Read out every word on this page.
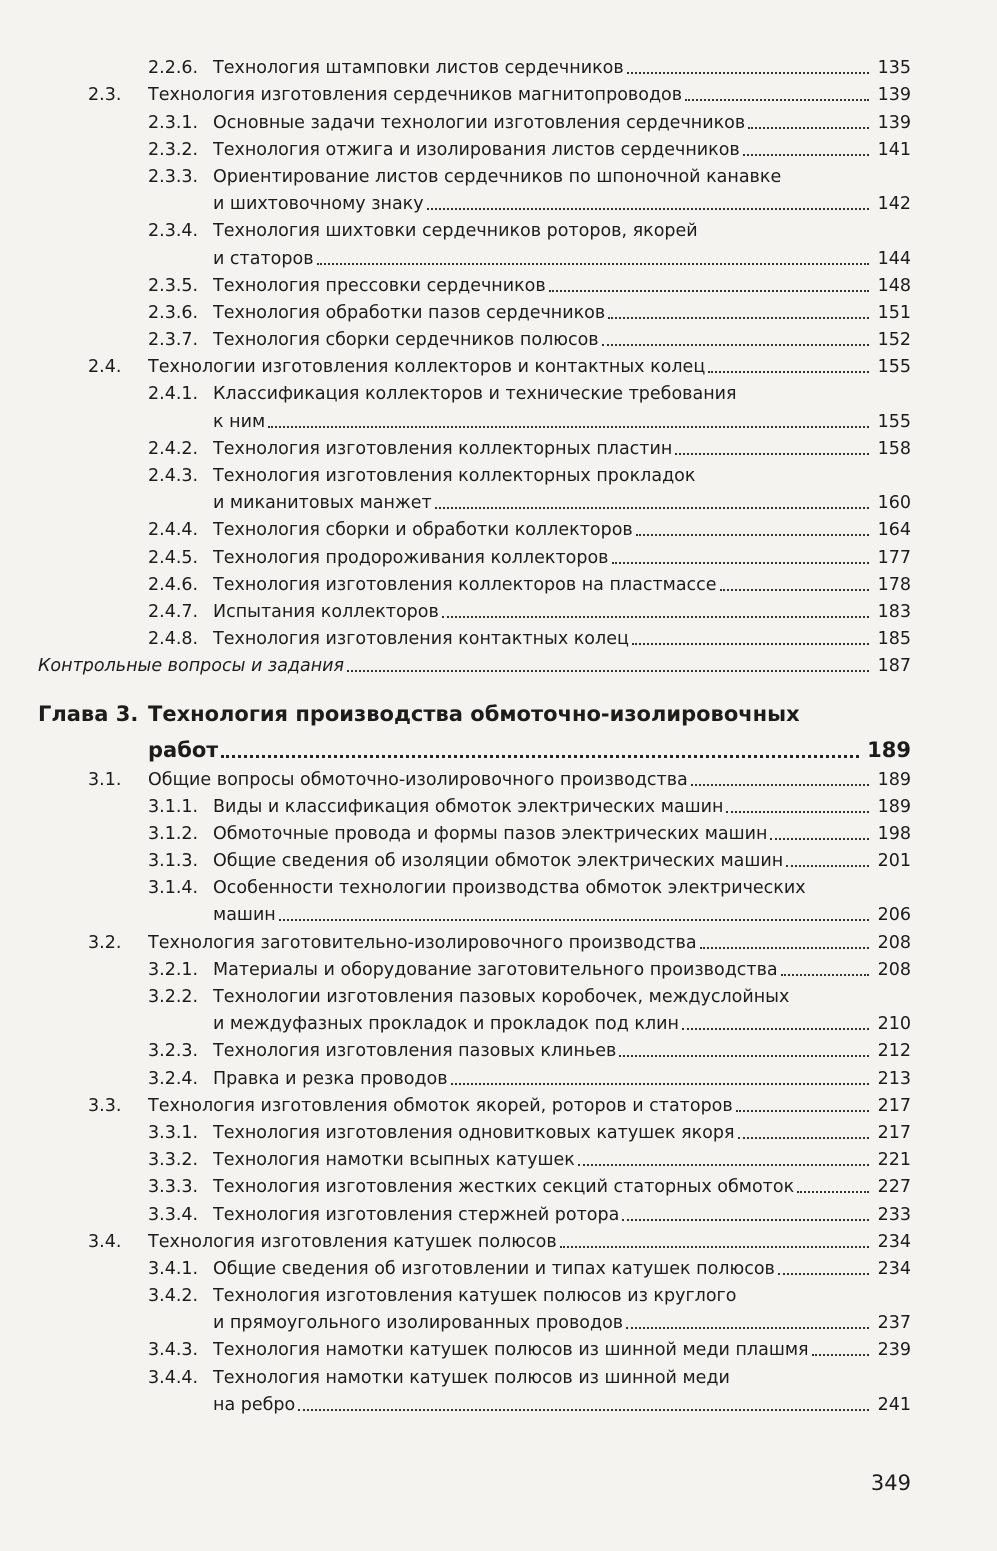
2.2.6. Технология штамповки листов сердечников	135
2.3. Технология изготовления сердечников магнитопроводов	139
2.3.1. Основные задачи технологии изготовления сердечников	139
2.3.2. Технология отжига и изолирования листов сердечников	141
2.3.3. Ориентирование листов сердечников по шпоночной канавке
и шихтовочному знаку	142
2.3.4. Технология шихтовки сердечников роторов, якорей
и статоров	144
2.3.5. Технология прессовки сердечников	148
2.3.6. Технология обработки пазов сердечников	151
2.3.7. Технология сборки сердечников полюсов	152
2.4. Технологии изготовления коллекторов и контактных колец	155
2.4.1. Классификация коллекторов и технические требования
к ним	155
2.4.2. Технология изготовления коллекторных пластин	158
2.4.3. Технология изготовления коллекторных прокладок
и миканитовых манжет	160
2.4.4. Технология сборки и обработки коллекторов	164
2.4.5. Технология продороживания коллекторов	177
2.4.6. Технология изготовления коллекторов на пластмассе	178
2.4.7. Испытания коллекторов	183
2.4.8. Технология изготовления контактных колец	185
Контрольные вопросы и задания	187
Глава 3. Технология производства обмоточно-изолировочных
работ	189
3.1. Общие вопросы обмоточно-изолировочного производства	189
3.1.1. Виды и классификация обмоток электрических машин	189
3.1.2. Обмоточные провода и формы пазов электрических машин	198
3.1.3. Общие сведения об изоляции обмоток электрических машин	201
3.1.4. Особенности технологии производства обмоток электрических
машин	206
3.2. Технология заготовительно-изолировочного производства	208
3.2.1. Материалы и оборудование заготовительного производства	208
3.2.2. Технологии изготовления пазовых коробочек, междуслойных
и междуфазных прокладок и прокладок под клин	210
3.2.3. Технология изготовления пазовых клиньев	212
3.2.4. Правка и резка проводов	213
3.3. Технология изготовления обмоток якорей, роторов и статоров	217
3.3.1. Технология изготовления одновитковых катушек якоря	217
3.3.2. Технология намотки всыпных катушек	221
3.3.3. Технология изготовления жестких секций статорных обмоток	227
3.3.4. Технология изготовления стержней ротора	233
3.4. Технология изготовления катушек полюсов	234
3.4.1. Общие сведения об изготовлении и типах катушек полюсов	234
3.4.2. Технология изготовления катушек полюсов из круглого
и прямоугольного изолированных проводов	237
3.4.3. Технология намотки катушек полюсов из шинной меди плашмя	239
3.4.4. Технология намотки катушек полюсов из шинной меди
на ребро	241
349
